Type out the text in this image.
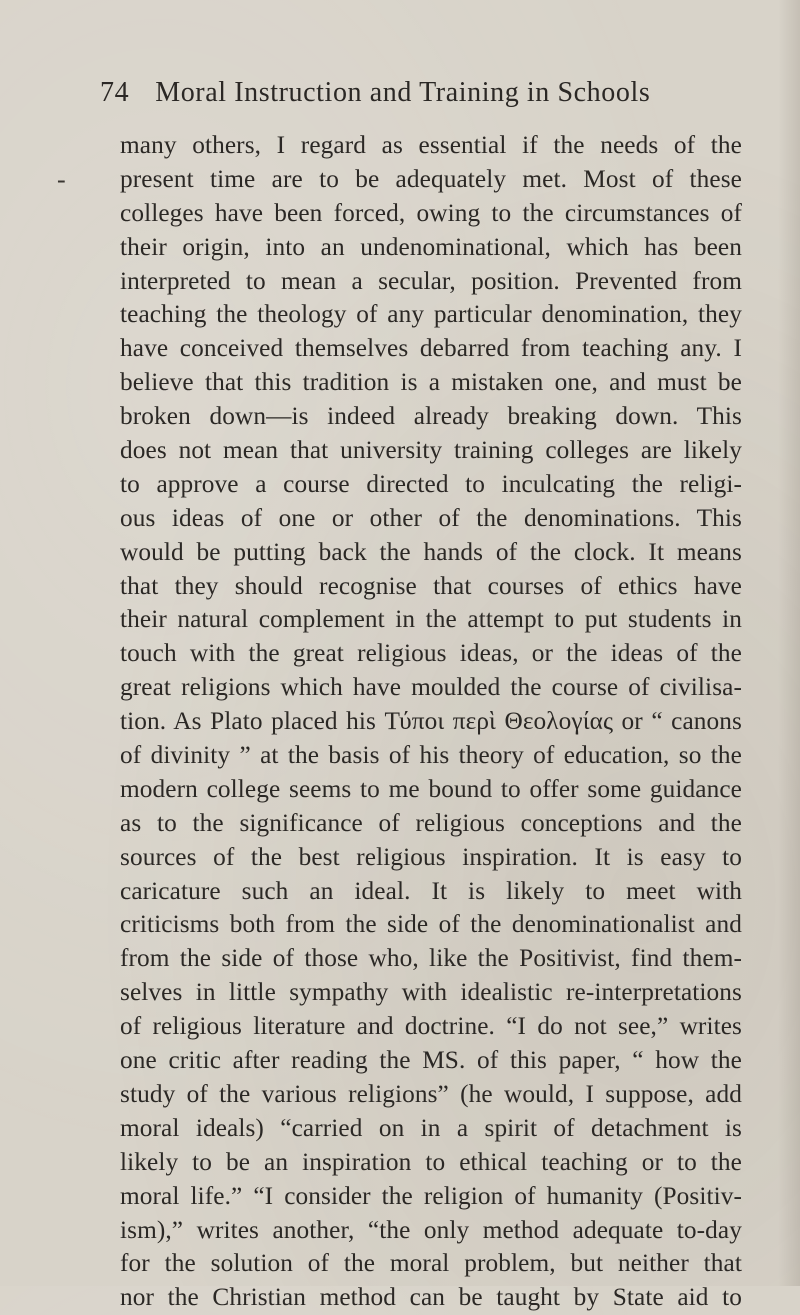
74 Moral Instruction and Training in Schools
-
many others, I regard as essential if the needs of the
present time are to be adequately met. Most of these
colleges have been forced, owing to the circumstances of
their origin, into an undenominational, which has been
interpreted to mean a secular, position. Prevented from
teaching the theology of any particular denomination, they
have conceived themselves debarred from teaching any. I
believe that this tradition is a mistaken one, and must be
broken down—is indeed already breaking down. This
does not mean that university training colleges are likely
to approve a course directed to inculcating the religi-
ous ideas of one or other of the denominations. This
would be putting back the hands of the clock. It means
that they should recognise that courses of ethics have
their natural complement in the attempt to put students in
touch with the great religious ideas, or the ideas of the
great religions which have moulded the course of civilisa-
tion. As Plato placed his Τύποι περὶ Θεολογίας or “ canons
of divinity ” at the basis of his theory of education, so the
modern college seems to me bound to offer some guidance
as to the significance of religious conceptions and the
sources of the best religious inspiration. It is easy to
caricature such an ideal. It is likely to meet with
criticisms both from the side of the denominationalist and
from the side of those who, like the Positivist, find them-
selves in little sympathy with idealistic re-interpretations
of religious literature and doctrine. “I do not see,” writes
one critic after reading the MS. of this paper, “ how the
study of the various religions” (he would, I suppose, add
moral ideals) “carried on in a spirit of detachment is
likely to be an inspiration to ethical teaching or to the
moral life.” “I consider the religion of humanity (Positiv-
ism),” writes another, “the only method adequate to-day
for the solution of the moral problem, but neither that
nor the Christian method can be taught by State aid to
